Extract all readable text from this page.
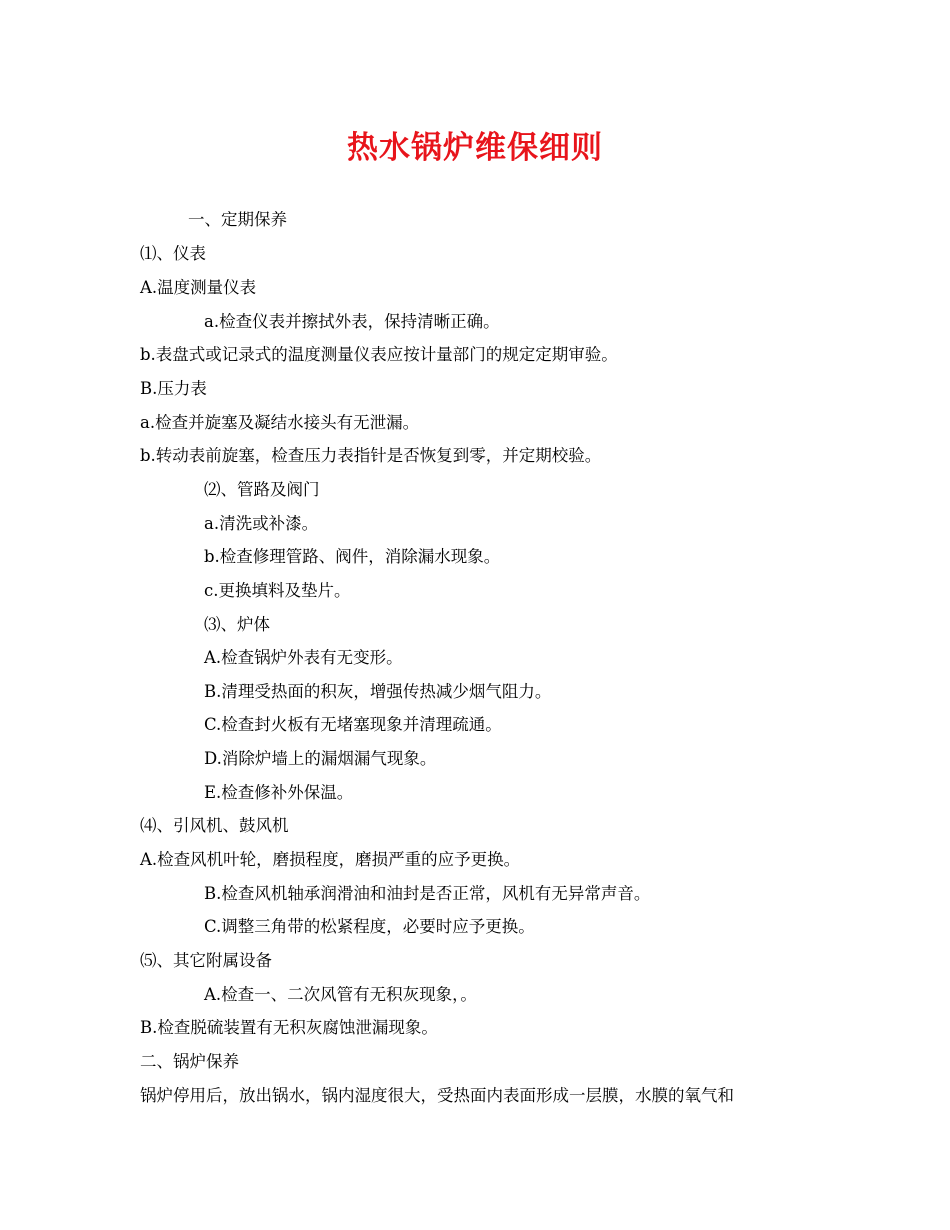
热水锅炉维保细则
一、定期保养
⑴、仪表
A.温度测量仪表
a.检查仪表并擦拭外表，保持清晰正确。
b.表盘式或记录式的温度测量仪表应按计量部门的规定定期审验。
B.压力表
a.检查并旋塞及凝结水接头有无泄漏。
b.转动表前旋塞，检查压力表指针是否恢复到零，并定期校验。
⑵、管路及阀门
a.清洗或补漆。
b.检查修理管路、阀件，消除漏水现象。
c.更换填料及垫片。
⑶、炉体
A.检查锅炉外表有无变形。
B.清理受热面的积灰，增强传热减少烟气阻力。
C.检查封火板有无堵塞现象并清理疏通。
D.消除炉墙上的漏烟漏气现象。
E.检查修补外保温。
⑷、引风机、鼓风机
A.检查风机叶轮，磨损程度，磨损严重的应予更换。
B.检查风机轴承润滑油和油封是否正常，风机有无异常声音。
C.调整三角带的松紧程度，必要时应予更换。
⑸、其它附属设备
A.检查一、二次风管有无积灰现象，。
B.检查脱硫装置有无积灰腐蚀泄漏现象。
二、锅炉保养
锅炉停用后，放出锅水，锅内湿度很大，受热面内表面形成一层膜，水膜的氧气和
